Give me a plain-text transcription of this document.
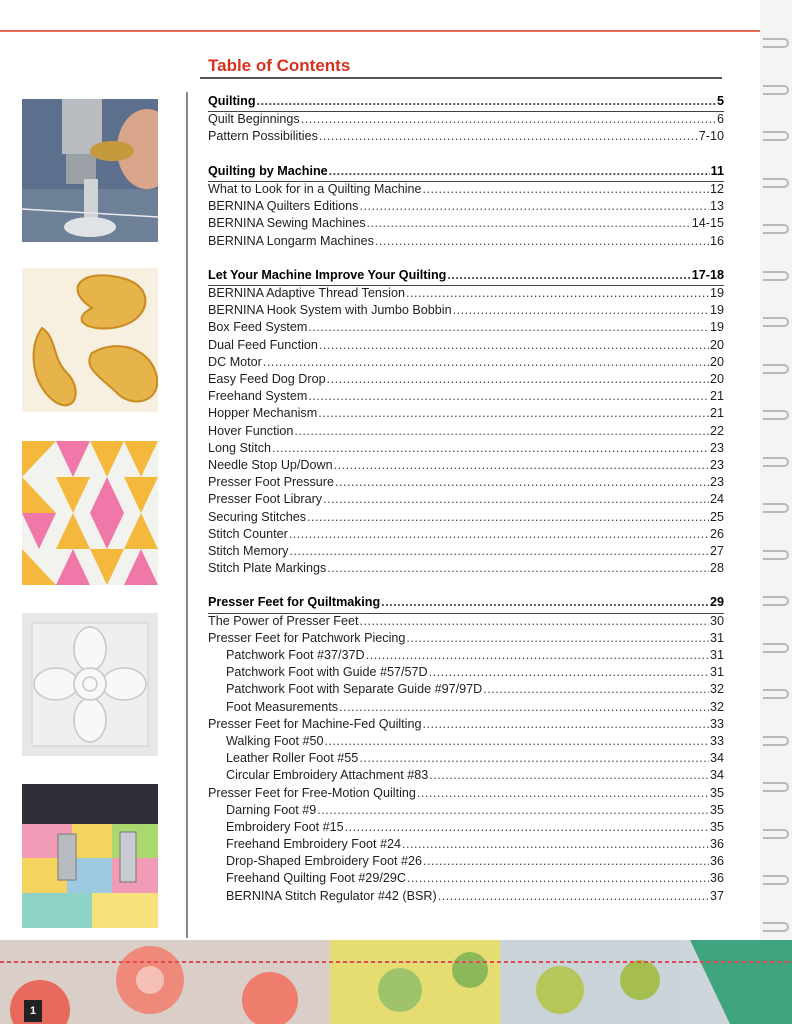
Table of Contents
Quilting .....	5
Quilt Beginnings .....	6
Pattern Possibilities .....	7-10
Quilting by Machine .....	11
What to Look for in a Quilting Machine .....	12
BERNINA Quilters Editions .....	13
BERNINA Sewing Machines .....	14-15
BERNINA Longarm Machines .....	16
Let Your Machine Improve Your Quilting .....	17-18
BERNINA Adaptive Thread Tension .....	19
BERNINA Hook System with Jumbo Bobbin .....	19
Box Feed System .....	19
Dual Feed Function .....	20
DC Motor .....	20
Easy Feed Dog Drop .....	20
Freehand System .....	21
Hopper Mechanism .....	21
Hover Function .....	22
Long Stitch .....	23
Needle Stop Up/Down .....	23
Presser Foot Pressure .....	23
Presser Foot Library .....	24
Securing Stitches .....	25
Stitch Counter .....	26
Stitch Memory .....	27
Stitch Plate Markings .....	28
Presser Feet for Quiltmaking .....	29
The Power of Presser Feet .....	30
Presser Feet for Patchwork Piecing .....	31
Patchwork Foot #37/37D .....	31
Patchwork Foot with Guide #57/57D .....	31
Patchwork Foot with Separate Guide #97/97D .....	32
Foot Measurements .....	32
Presser Feet for Machine-Fed Quilting .....	33
Walking Foot #50 .....	33
Leather Roller Foot #55 .....	34
Circular Embroidery Attachment #83 .....	34
Presser Feet for Free-Motion Quilting .....	35
Darning Foot #9 .....	35
Embroidery Foot #15 .....	35
Freehand Embroidery Foot #24 .....	36
Drop-Shaped Embroidery Foot #26 .....	36
Freehand Quilting Foot #29/29C .....	36
BERNINA Stitch Regulator #42 (BSR) .....	37
1
